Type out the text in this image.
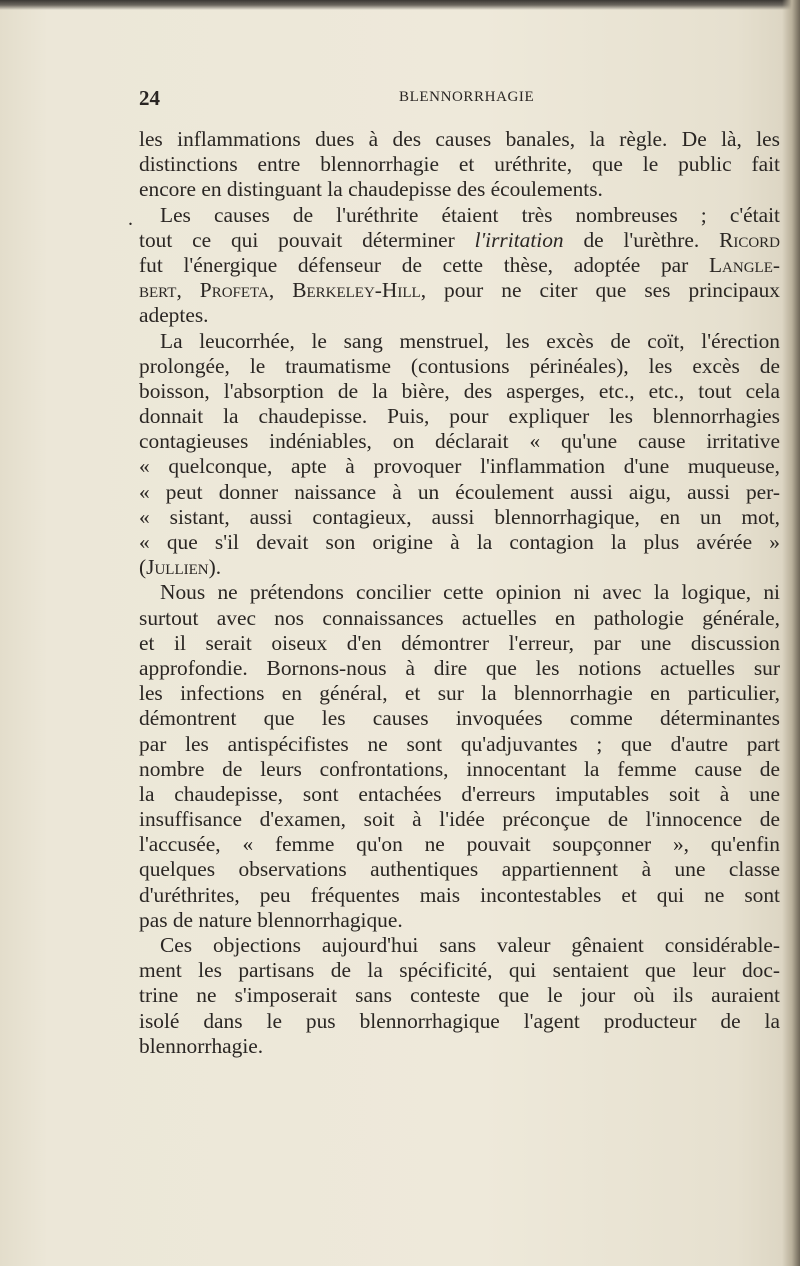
24	BLENNORRHAGIE
.
les inflammations dues à des causes banales, la règle. De là, les
distinctions entre blennorrhagie et uréthrite, que le public fait
encore en distinguant la chaudepisse des écoulements.
Les causes de l'uréthrite étaient très nombreuses ; c'était
tout ce qui pouvait déterminer l'irritation de l'urèthre. Ricord
fut l'énergique défenseur de cette thèse, adoptée par Langle-
bert, Profeta, Berkeley-Hill, pour ne citer que ses principaux
adeptes.
La leucorrhée, le sang menstruel, les excès de coït, l'érection
prolongée, le traumatisme (contusions périnéales), les excès de
boisson, l'absorption de la bière, des asperges, etc., etc., tout cela
donnait la chaudepisse. Puis, pour expliquer les blennorrhagies
contagieuses indéniables, on déclarait « qu'une cause irritative
« quelconque, apte à provoquer l'inflammation d'une muqueuse,
« peut donner naissance à un écoulement aussi aigu, aussi per-
« sistant, aussi contagieux, aussi blennorrhagique, en un mot,
« que s'il devait son origine à la contagion la plus avérée »
(Jullien).
Nous ne prétendons concilier cette opinion ni avec la logique, ni
surtout avec nos connaissances actuelles en pathologie générale,
et il serait oiseux d'en démontrer l'erreur, par une discussion
approfondie. Bornons-nous à dire que les notions actuelles sur
les infections en général, et sur la blennorrhagie en particulier,
démontrent que les causes invoquées comme déterminantes
par les antispécifistes ne sont qu'adjuvantes ; que d'autre part
nombre de leurs confrontations, innocentant la femme cause de
la chaudepisse, sont entachées d'erreurs imputables soit à une
insuffisance d'examen, soit à l'idée préconçue de l'innocence de
l'accusée, « femme qu'on ne pouvait soupçonner », qu'enfin
quelques observations authentiques appartiennent à une classe
d'uréthrites, peu fréquentes mais incontestables et qui ne sont
pas de nature blennorrhagique.
Ces objections aujourd'hui sans valeur gênaient considérable-
ment les partisans de la spécificité, qui sentaient que leur doc-
trine ne s'imposerait sans conteste que le jour où ils auraient
isolé dans le pus blennorrhagique l'agent producteur de la
blennorrhagie.
